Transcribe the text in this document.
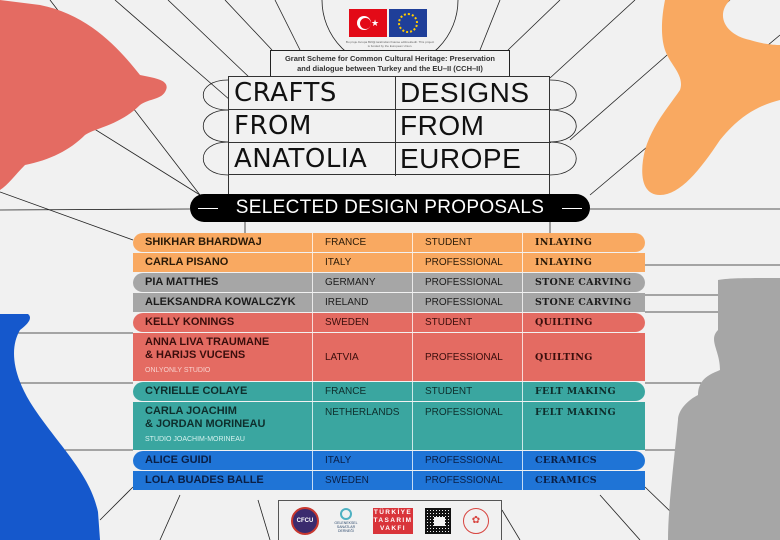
★
Bu proje Avrupa Birliği tarafından finanse edilmektedir. This project is funded by the European Union.
Grant Scheme for Common Cultural Heritage: Preservation
and dialogue between Turkey and the EU–II (CCH–II)
CRAFTS	DESIGNS
FROM	FROM
ANATOLIA	EUROPE
SELECTED DESIGN PROPOSALS
SHIKHAR BHARDWAJ	FRANCE	STUDENT	INLAYING
CARLA PISANO	ITALY	PROFESSIONAL	INLAYING
PIA MATTHES	GERMANY	PROFESSIONAL	STONE CARVING
ALEKSANDRA KOWALCZYK	IRELAND	PROFESSIONAL	STONE CARVING
KELLY KONINGS	SWEDEN	STUDENT	QUILTING
ANNA LIVA TRAUMANE
& HARIJS VUCENS
ONLYONLY STUDIO
LATVIA	PROFESSIONAL	QUILTING
CYRIELLE COLAYE	FRANCE	STUDENT	FELT MAKING
CARLA JOACHIM
& JORDAN MORINEAU
STUDIO JOACHIM-MORINEAU
NETHERLANDS	PROFESSIONAL	FELT MAKING
ALICE GUIDI	ITALY	PROFESSIONAL	CERAMICS
LOLA BUADES BALLE	SWEDEN	PROFESSIONAL	CERAMICS
CFCU	GELENEKSEL
SANATLAR
DERNEĞİ
TÜRKİYE
TASARIM
VAKFI
✿
